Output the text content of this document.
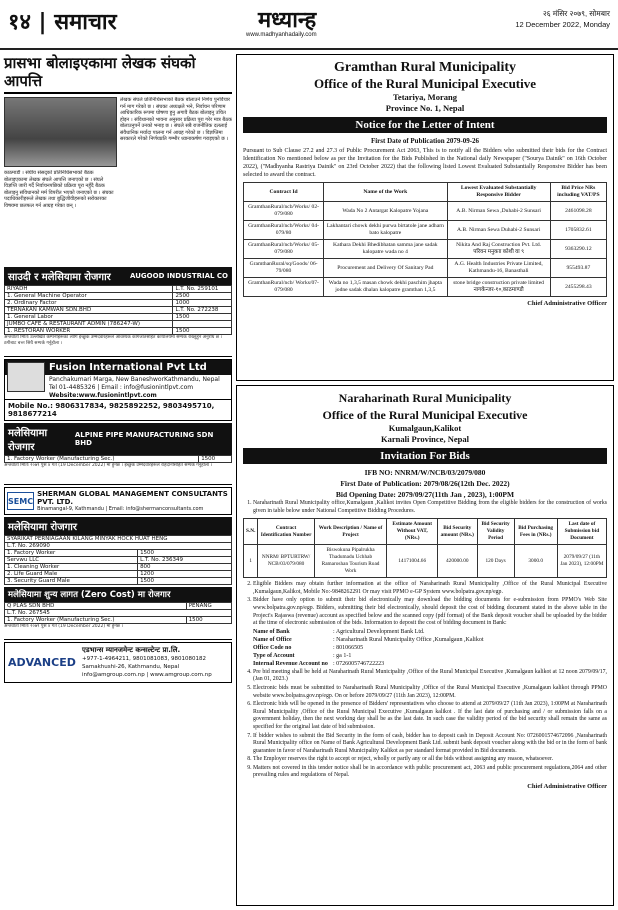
१४ | समाचार	मध्यान्ह
www.madhyanhadaily.com
२६ मंसिर २०७९, सोमबार
12 December 2022, Monday
प्रासभा बोलाइएकामा लेखक संघको आपत्ति
काठमाडौं । संघीय संसद्को प्रतिनिधिसभाको बैठक बोलाइएकामा लेखक संघले आपत्ति जनाएको छ । संघले विज्ञप्ति जारी गर्दै निर्वाचनपछिको प्रक्रिया पूरा नहुँदै बैठक बोलाइनु संविधानको मर्म विपरीत भएको जनाएको छ । संघका पदाधिकारीहरूले लेखक तथा बुद्धिजीवीहरूको सरोकारका विषयमा छलफल गर्न आग्रह गरेका छन् ।
लेखक संघले प्रतिनिधिसभाको बैठक बोलाउने निर्णय पुनर्विचार गर्न माग गरेको छ । संघका अध्यक्षले भने, निर्वाचन परिणाम आधिकारिक रूपमा घोषणा हुनु अगावै बैठक बोलाइनु उचित होइन । संविधानको भावना अनुसार प्रक्रिया पूरा गरेर मात्र बैठक बोलाउनुपर्ने उनको भनाइ छ । संघले सबै राजनीतिक दललाई संवैधानिक मर्यादा पालना गर्न आग्रह गरेको छ । विज्ञप्तिमा सरकारले गरेको निर्णयप्रति गम्भीर ध्यानाकर्षण गराइएको छ ।
साउदी र मलेसियामा रोजगार	AUGOOD INDUSTRIAL CO
RIYADH	L.T. No. 259101
1. General Machine Operator	2500
2. Ordinary Factor	1000
TERNAKAN KAMWAN SDN.BHD	L.T. No. 272238
1. General Labor	1500
JUMBO CAFE & RESTAURANT ADMIN (786247-W)	
1. RESTORAN WORKER	1500
अन्तर्वार्ता मितिः उल्लेखित कम्पनीहरूका लागि इच्छुक उम्मेदवारहरूले आवश्यक कागजातसहित कार्यालयमा सम्पर्क राख्नुहुन अनुरोध छ । ठगीबाट बच्न सिधै सम्पर्क गर्नुहोला ।
Fusion International Pvt Ltd
Panchakumari Marga, New BaneshworKathmandu, Nepal
Tel 01-4485326 | Email : info@fusionintlpvt.com
Website:www.fusionintlpvt.com
Mobile No.: 9806317834, 9825892252, 9803495710, 9818677214
मलेसियामा रोजगार
ALPINE PIPE MANUFACTURING SDN BHD
1. Factory Worker (Manufacturing Sec.)	1500
अन्तर्वार्ता मितिः २०७९ पुस ४ गते (19 December 2022) मा हुनेछ । इच्छुक उम्मेदवारहरूले राहदानीसहित सम्पर्क गर्नुहोला ।
SEMC
SHERMAN GLOBAL MANAGEMENT CONSULTANTS PVT. LTD.
Binamangal-9, Kathmandu | Email: info@shermanconsultants.com
मलेसियामा रोजगार
SYARIKAT PERNIAGAAN KILANG MINYAK HOCK HUAT HENG	
L.T. No. 269090	
1. Factory Worker	1500
Servwu LLC	L.T. No. 236349
1. Cleaning Worker	800
2. Life Guard Male	1200
3. Security Guard Male	1500
मलेसियामा शुन्य लागत (Zero Cost) मा रोजगार
Q PLAS SDN BHD	PENANG
L.T. No. 267545	
1. Factory Worker (Manufacturing Sec.)	1500
अन्तर्वार्ता मितिः २०७९ पुस ४ गते (19 December 2022) मा हुनेछ ।
ADVANCED
एडभान्स म्यानजमेन्ट कन्सल्टेन्ट प्रा.लि.
+977-1-4964211, 9801081083, 9801080182
Samakhushi-26, Kathmandu, Nepal
info@amgroup.com.np | www.amgroup.com.np
Gramthan Rural Municipality
Office of the Rural Municipal Executive
Tetariya, Morang
Province No. 1, Nepal
Notice for the Letter of Intent
First Date of Publication 2079-09-26

Pursuant to Sub Clause 27.2 and 27.3 of Public Procurement Act 2063, This is to notify all the Bidders who submitted their bids for the Contract Identification No mentioned below as per the Invitation for the Bids Published in the National daily Newspaper ("Sourya Dainik" on 16th October 2022), ("Madhyanha Rastriya Dainik" on 23rd October 2022) that the following listed Lowest Evaluated Substantially Responsive Bidder has been selected to award the contract.

Contract Id	Name of the Work	Lowest Evaluated Substantially Responsive Bidder	Bid Price NRs including VAT/PS
GramthanRural/ncb/Works/ 02-079/080	Wada No 2 Antargat Kalopatre Yojana	A.B. Nirman Sewa ,Duhabi-2 Sunsari	2461098.28
GramthanRural/ncb/Works/ 04-079/80	Lakhantari chowk dekhi purwa birtatole jane adharn bato kalopatre	A.B. Nirman Sewa Duhabi-2 Sunsari	1705832.61
GramthanRural/ncb/Works/ 05-079/080	Kathara Dekhi Bhedibhatan samma jane sadak kalopatre wada no 4	Nikita And Raj Construction Pvt. Ltd. परिवन मनुकाा कोशी वा ९	9363290.12
GramthanRural/sq/Goods/ 06-79/080	Procurement and Delivery Of Sanitary Pad	A.G. Health Industries Private Limited, Kathmandu-16, Banasthali	955493.87
GramthanRural/ncb/ Works/07-079/080	Wada no 1,3,5 masan chowk dekhi paschim jhapta jodne sadak dhalan kalopatre gramthan 1,3,5	stone bridge construction private limited नागकेन्जर-१०,काठमाण्डौ	2455298.43
Chief Administrative Officer
Naraharinath Rural Municipality
Office of the Rural Municipal Executive
Kumalgaun,Kalikot
Karnali Province, Nepal
Invitation For Bids
IFB NO: NNRM/W/NCB/03/2079/080
First Date of Publication: 2079/08/26(12th Dec. 2022)
Bid Opening Date: 2079/09/27(11th Jan , 2023), 1:00PM
1. Naraharinath Rural Municipality office,Kumalgaun ,Kalikot invites Open Competitive Bidding from the eligible bidders for the construction of works given in table below under National Competitive Bidding Procedures.
S.N.	Contract Identification Number	Work Description / Name of Project	Estimate Amount Without VAT, (NRs.)	Bid Security amount (NRs.)	Bid Security Validity Period	Bid Purchasing Fees in (NRs.)	Last date of Submission bid Document
1	NNRM/ BPTURTRW/ NCB/03/079/080	Biswokuna Pipalrukha Thadumadu Uchhab Ramaroshan Tourism Road Work	14171004.66	420000.00	120 Days	3000.0	2079/09/27 (11th Jan 2023), 12:00PM
2. Eligible Bidders may obtain further information at the office of Naraharinath Rural Municipality ,Office of the Rural Municipal Executive ,Kumalgaun,Kalikot, Mobile No:-9848262291 Or may visit PPMO e-GP System www.bolpatra.gov.np/egp.
3. Bidder have only option to submit their bid electronically may download the bidding documents for e-submission from PPMO's Web Site www.bolpatra.gov.np/egp. Bidders, submitting their bid electronically, should deposit the cost of bidding document stated in the above table in the Project's Rajaswa (revenue) account as specified below and the scanned copy (pdf format) of the Bank deposit voucher shall be uploaded by the bidder at the time of electronic submission of the bids. Information to deposit the cost of bidding document in Bank:
Name of Bank	: Agricultural Development Bank Ltd.
Name of Office	: Naraharinath Rural Municipality Office ,Kumalgaun ,Kalikot
Office Code no	: 801066505
Type of Account	: ga 1-1
Internal Revenue Account no : 0726005746722223
4. Pre bid meeting shall be held at Naraharinath Rural Municipality ,Office of the Rural Municipal Executive ,Kumalgaun kalikot at 12 noon 2079/09/17,(Jan 01, 2023.)
5. Electronic bids must be submitted to Naraharinath Rural Municipality ,Office of the Rural Municipal Executive ,Kumalgaun kalikot through PPMO website www.bolpatra.gov.np/egp. On or before 2079/09/27 (11th Jan 2023), 12:00PM.
6. Electronic bids will be opened in the presence of Bidders' representatives who choose to attend at 2079/09/27 (11th Jan 2023), 1:00PM at Naraharinath Rural Municipality ,Office of the Rural Municipal Executive ,Kumalgaun kalikot . If the last date of purchasing and / or submission falls on a government holiday, then the next working day shall be as the last date. In such case the validity period of the bid security shall remain the same as specified for the original last date of bid submission.
7. If bidder wishes to submit the Bid Security in the form of cash, bidder has to deposit cash in Deposit Account No: 0726001574672096 ,Naraharinath Rural Municipality office on Name of Bank Agricultural Development Bank Ltd. submit bank deposit voucher along with the bid or in the form of bank guarantee in favor of Naraharinath Rural Municipality Kalikot as per standard format provided in Bid documents.
8. The Employer reserves the right to accept or reject, wholly or partly any or all the bids without assigning any reason, whatsoever.
9. Matters not covered in this tender notice shall be in accordance with public procurement act, 2063 and public procurement regulations,2064 and other prevailing rules and regulations of Nepal.
Chief Administrative Officer
